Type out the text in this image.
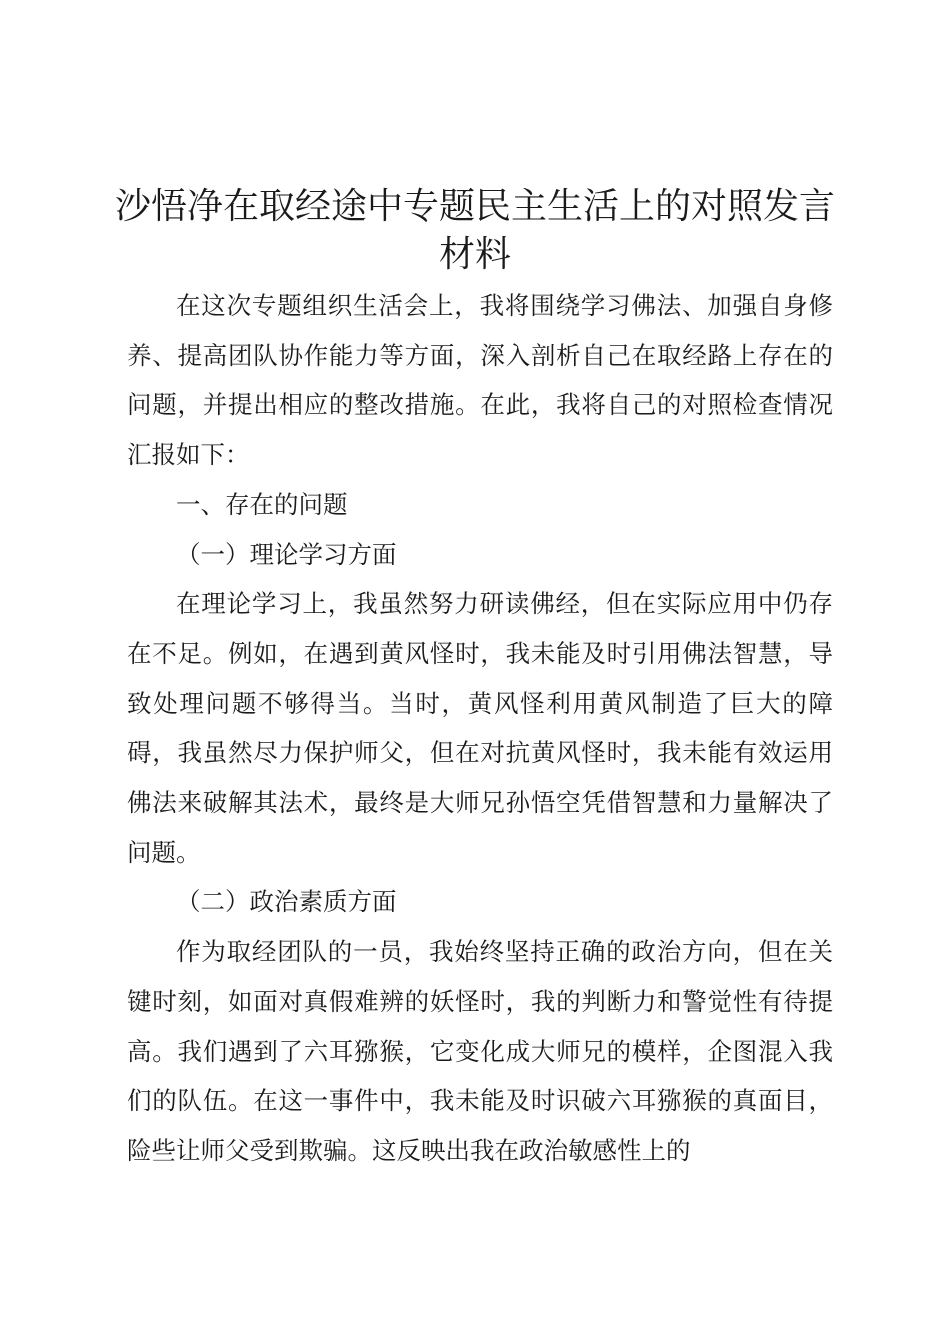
沙悟净在取经途中专题民主生活上的对照发言材料

在这次专题组织生活会上，我将围绕学习佛法、加强自身修养、提高团队协作能力等方面，深入剖析自己在取经路上存在的问题，并提出相应的整改措施。在此，我将自己的对照检查情况汇报如下：

一、存在的问题

（一）理论学习方面

在理论学习上，我虽然努力研读佛经，但在实际应用中仍存在不足。例如，在遇到黄风怪时，我未能及时引用佛法智慧，导致处理问题不够得当。当时，黄风怪利用黄风制造了巨大的障碍，我虽然尽力保护师父，但在对抗黄风怪时，我未能有效运用佛法来破解其法术，最终是大师兄孙悟空凭借智慧和力量解决了问题。

（二）政治素质方面

作为取经团队的一员，我始终坚持正确的政治方向，但在关键时刻，如面对真假难辨的妖怪时，我的判断力和警觉性有待提高。我们遇到了六耳猕猴，它变化成大师兄的模样，企图混入我们的队伍。在这一事件中，我未能及时识破六耳猕猴的真面目，险些让师父受到欺骗。这反映出我在政治敏感性上的
